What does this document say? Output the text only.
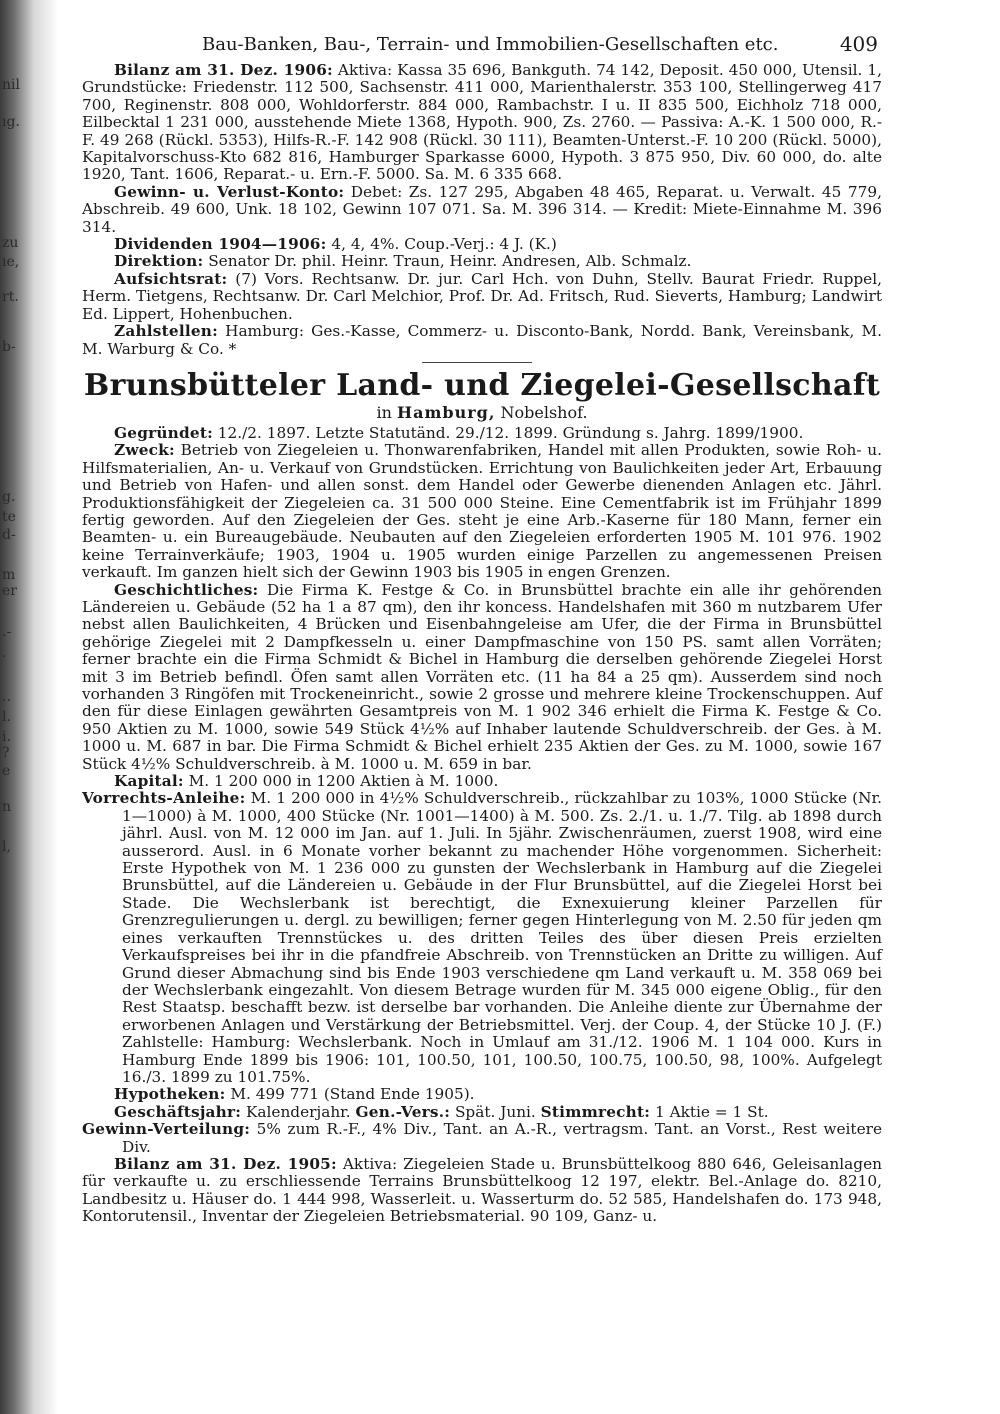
nil
ıg.
zu
ıe,
rt.
b-
g.
te
d-
m
er
.-
l.
i.
?
e
n
l,
..
·
Bau-Banken, Bau-, Terrain- und Immobilien-Gesellschaften etc.	409

Bilanz am 31. Dez. 1906: Aktiva: Kassa 35 696, Bankguth. 74 142, Deposit. 450 000, Utensil. 1, Grundstücke: Friedenstr. 112 500, Sachsenstr. 411 000, Marienthalerstr. 353 100, Stellingerweg 417 700, Reginenstr. 808 000, Wohldorferstr. 884 000, Rambachstr. I u. II 835 500, Eichholz 718 000, Eilbecktal 1 231 000, ausstehende Miete 1368, Hypoth. 900, Zs. 2760. — Passiva: A.-K. 1 500 000, R.-F. 49 268 (Rückl. 5353), Hilfs-R.-F. 142 908 (Rückl. 30 111), Beamten-Unterst.-F. 10 200 (Rückl. 5000), Kapitalvorschuss-Kto 682 816, Hamburger Sparkasse 6000, Hypoth. 3 875 950, Div. 60 000, do. alte 1920, Tant. 1606, Reparat.- u. Ern.-F. 5000. Sa. M. 6 335 668.

Gewinn- u. Verlust-Konto: Debet: Zs. 127 295, Abgaben 48 465, Reparat. u. Verwalt. 45 779, Abschreib. 49 600, Unk. 18 102, Gewinn 107 071. Sa. M. 396 314. — Kredit: Miete-Einnahme M. 396 314.

Dividenden 1904—1906: 4, 4, 4%. Coup.-Verj.: 4 J. (K.)

Direktion: Senator Dr. phil. Heinr. Traun, Heinr. Andresen, Alb. Schmalz.

Aufsichtsrat: (7) Vors. Rechtsanw. Dr. jur. Carl Hch. von Duhn, Stellv. Baurat Friedr. Ruppel, Herm. Tietgens, Rechtsanw. Dr. Carl Melchior, Prof. Dr. Ad. Fritsch, Rud. Sieverts, Hamburg; Landwirt Ed. Lippert, Hohenbuchen.

Zahlstellen: Hamburg: Ges.-Kasse, Commerz- u. Disconto-Bank, Nordd. Bank, Vereinsbank, M. M. Warburg & Co. *

Brunsbütteler Land- und Ziegelei-Gesellschaft
in Hamburg, Nobelshof.

Gegründet: 12./2. 1897. Letzte Statutänd. 29./12. 1899. Gründung s. Jahrg. 1899/1900.

Zweck: Betrieb von Ziegeleien u. Thonwarenfabriken, Handel mit allen Produkten, sowie Roh- u. Hilfsmaterialien, An- u. Verkauf von Grundstücken. Errichtung von Baulichkeiten jeder Art, Erbauung und Betrieb von Hafen- und allen sonst. dem Handel oder Gewerbe dienenden Anlagen etc. Jährl. Produktionsfähigkeit der Ziegeleien ca. 31 500 000 Steine. Eine Cementfabrik ist im Frühjahr 1899 fertig geworden. Auf den Ziegeleien der Ges. steht je eine Arb.-Kaserne für 180 Mann, ferner ein Beamten- u. ein Bureaugebäude. Neubauten auf den Ziegeleien erforderten 1905 M. 101 976. 1902 keine Terrainverkäufe; 1903, 1904 u. 1905 wurden einige Parzellen zu angemessenen Preisen verkauft. Im ganzen hielt sich der Gewinn 1903 bis 1905 in engen Grenzen.

Geschichtliches: Die Firma K. Festge & Co. in Brunsbüttel brachte ein alle ihr gehörenden Ländereien u. Gebäude (52 ha 1 a 87 qm), den ihr koncess. Handelshafen mit 360 m nutzbarem Ufer nebst allen Baulichkeiten, 4 Brücken und Eisenbahngeleise am Ufer, die der Firma in Brunsbüttel gehörige Ziegelei mit 2 Dampfkesseln u. einer Dampfmaschine von 150 PS. samt allen Vorräten; ferner brachte ein die Firma Schmidt & Bichel in Hamburg die derselben gehörende Ziegelei Horst mit 3 im Betrieb befindl. Öfen samt allen Vorräten etc. (11 ha 84 a 25 qm). Ausserdem sind noch vorhanden 3 Ringöfen mit Trockeneinricht., sowie 2 grosse und mehrere kleine Trockenschuppen. Auf den für diese Einlagen gewährten Gesamtpreis von M. 1 902 346 erhielt die Firma K. Festge & Co. 950 Aktien zu M. 1000, sowie 549 Stück 4½% auf Inhaber lautende Schuldverschreib. der Ges. à M. 1000 u. M. 687 in bar. Die Firma Schmidt & Bichel erhielt 235 Aktien der Ges. zu M. 1000, sowie 167 Stück 4½% Schuldverschreib. à M. 1000 u. M. 659 in bar.

Kapital: M. 1 200 000 in 1200 Aktien à M. 1000.

Vorrechts-Anleihe: M. 1 200 000 in 4½% Schuldverschreib., rückzahlbar zu 103%, 1000 Stücke (Nr. 1—1000) à M. 1000, 400 Stücke (Nr. 1001—1400) à M. 500. Zs. 2./1. u. 1./7. Tilg. ab 1898 durch jährl. Ausl. von M. 12 000 im Jan. auf 1. Juli. In 5jähr. Zwischenräumen, zuerst 1908, wird eine ausserord. Ausl. in 6 Monate vorher bekannt zu machender Höhe vorgenommen. Sicherheit: Erste Hypothek von M. 1 236 000 zu gunsten der Wechslerbank in Hamburg auf die Ziegelei Brunsbüttel, auf die Ländereien u. Gebäude in der Flur Brunsbüttel, auf die Ziegelei Horst bei Stade. Die Wechslerbank ist berechtigt, die Exnexuierung kleiner Parzellen für Grenzregulierungen u. dergl. zu bewilligen; ferner gegen Hinterlegung von M. 2.50 für jeden qm eines verkauften Trennstückes u. des dritten Teiles des über diesen Preis erzielten Verkaufspreises bei ihr in die pfandfreie Abschreib. von Trennstücken an Dritte zu willigen. Auf Grund dieser Abmachung sind bis Ende 1903 verschiedene qm Land verkauft u. M. 358 069 bei der Wechslerbank eingezahlt. Von diesem Betrage wurden für M. 345 000 eigene Oblig., für den Rest Staatsp. beschafft bezw. ist derselbe bar vorhanden. Die Anleihe diente zur Übernahme der erworbenen Anlagen und Verstärkung der Betriebsmittel. Verj. der Coup. 4, der Stücke 10 J. (F.) Zahlstelle: Hamburg: Wechslerbank. Noch in Umlauf am 31./12. 1906 M. 1 104 000. Kurs in Hamburg Ende 1899 bis 1906: 101, 100.50, 101, 100.50, 100.75, 100.50, 98, 100%. Aufgelegt 16./3. 1899 zu 101.75%.

Hypotheken: M. 499 771 (Stand Ende 1905).

Geschäftsjahr: Kalenderjahr. Gen.-Vers.: Spät. Juni. Stimmrecht: 1 Aktie = 1 St.

Gewinn-Verteilung: 5% zum R.-F., 4% Div., Tant. an A.-R., vertragsm. Tant. an Vorst., Rest weitere Div.

Bilanz am 31. Dez. 1905: Aktiva: Ziegeleien Stade u. Brunsbüttelkoog 880 646, Geleisanlagen für verkaufte u. zu erschliessende Terrains Brunsbüttelkoog 12 197, elektr. Bel.-Anlage do. 8210, Landbesitz u. Häuser do. 1 444 998, Wasserleit. u. Wasserturm do. 52 585, Handelshafen do. 173 948, Kontorutensil., Inventar der Ziegeleien Betriebsmaterial. 90 109, Ganz- u.
